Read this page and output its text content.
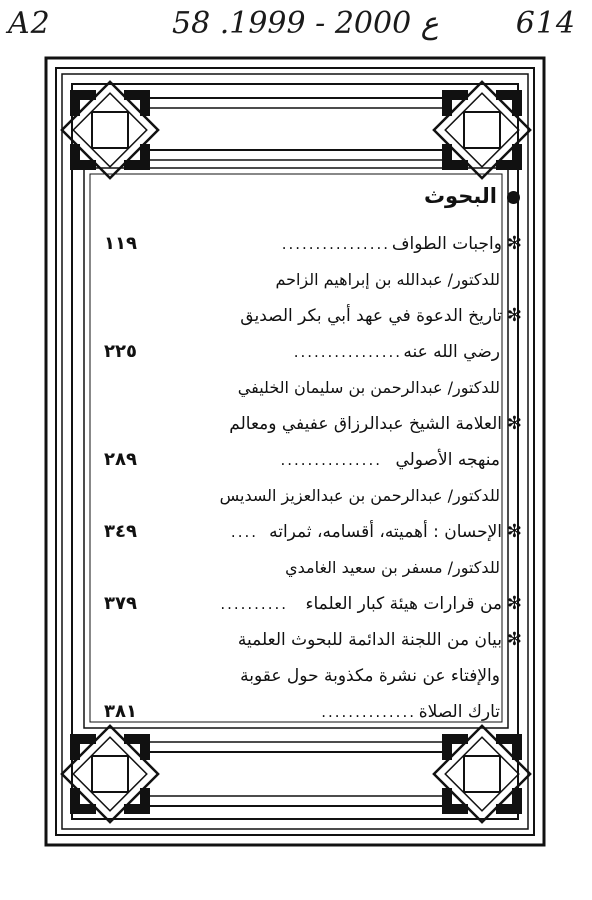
A2	58 .ع 2000 - 1999	614
البحوث
✻
واجبات الطواف
................
١١٩
للدكتور/ عبدالله بن إبراهيم الزاحم
✻
تاريخ الدعوة في عهد أبي بكر الصديق
رضي الله عنه
................
٢٢٥
للدكتور/ عبدالرحمن بن سليمان الخليفي
✻
العلامة الشيخ عبدالرزاق عفيفي ومعالم
منهجه الأصولي
...............
٢٨٩
للدكتور/ عبدالرحمن بن عبدالعزيز السديس
✻
الإحسان : أهميته، أقسامه، ثمراته
....
٣٤٩
للدكتور/ مسفر بن سعيد الغامدي
✻
من قرارات هيئة كبار العلماء
..........
٣٧٩
✻
بيان من اللجنة الدائمة للبحوث العلمية
والإفتاء عن نشرة مكذوبة حول عقوبة
تارك الصلاة
..............
٣٨١
